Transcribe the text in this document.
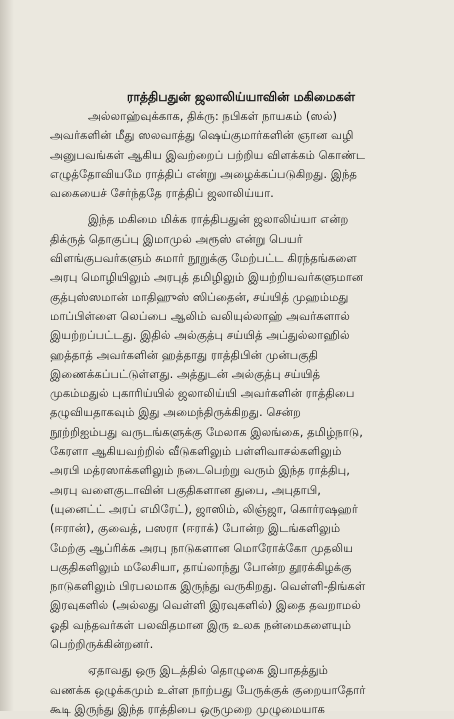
ராத்திபதுன் ஜலாலிய்யாவின் மகிமைகள்
அல்லாஹ்வுக்காக, திக்ரு: நபிகள் நாயகம் (ஸல்)
அவர்களின் மீது ஸலவாத்து ஷெய்குமார்களின் ஞான வழி
அனுபவங்கள் ஆகிய இவற்றைப் பற்றிய விளக்கம் கொண்ட
எழுத்தோவியமே ராத்திப் என்று அழைக்கப்படுகிறது. இந்த
வகையைச் சேர்ந்ததே ராத்திப் ஜலாலிய்யா.
இந்த மகிமை மிக்க ராத்திபதுன் ஜலாலிய்யா என்ற
திக்ருத் தொகுப்பு இமாமுல் அரூஸ் என்று பெயர்
விளங்குபவர்களும் சுமார் நூறுக்கு மேற்பட்ட கிரந்தங்களை
அரபு மொழியிலும் அரபுத் தமிழிலும் இயற்றியவர்களுமான
குத்புஸ்ஸமான் மாதிஹுஸ் ஸிப்தைன், சய்யித் முஹம்மது
மாப்பிள்ளை லெப்பை ஆலிம் வலியுல்லாஹ் அவர்களால்
இயற்றப்பட்டது. இதில் அல்குத்பு சய்யித் அப்துல்லாஹில்
ஹத்தாத் அவர்களின் ஹத்தாது ராத்திபின் முன்பகுதி
இணைக்கப்பட்டுள்ளது. அத்துடன் அல்குத்பு சய்யித்
முகம்மதுல் புகாரிய்யில் ஜலாலிய்யி அவர்களின் ராத்திபை
தழுவியதாகவும் இது அமைந்திருக்கிறது. சென்ற
நூற்றிஐம்பது வருடங்களுக்கு மேலாக இலங்கை, தமிழ்நாடு,
கேரளா ஆகியவற்றில் வீடுகளிலும் பள்ளிவாசல்களிலும்
அரபி மத்ரஸாக்களிலும் நடைபெற்று வரும் இந்த ராத்திபு,
அரபு வளைகுடாவின் பகுதிகளான துபை, அபுதாபி,
(யுனைட்ட் அரப் எமிரேட்), ஜாஸிம், லிஞ்ஜா, கொர்ரஷஹர்
(ஈரான்), குவைத், பஸரா (ஈராக்) போன்ற இடங்களிலும்
மேற்கு ஆப்ரிக்க அரபு நாடுகளான மொரோக்கோ முதலிய
பகுதிகளிலும் மலேசியா, தாய்லாந்து போன்ற தூரக்கிழக்கு
நாடுகளிலும் பிரபலமாக இருந்து வருகிறது. வெள்ளி-திங்கள்
இரவுகளில் (அல்லது வெள்ளி இரவுகளில்) இதை தவறாமல்
ஓதி வந்தவர்கள் பலவிதமான இரு உலக நன்மைகளையும்
பெற்றிருக்கின்றனர்.
ஏதாவது ஒரு இடத்தில் தொழுகை இபாதத்தும்
வணக்க ஒழுக்கமும் உள்ள நாற்பது பேருக்குக் குறையாதோர்
கூடி இருந்து இந்த ராத்திபை ஒருமுறை முழுமையாக
